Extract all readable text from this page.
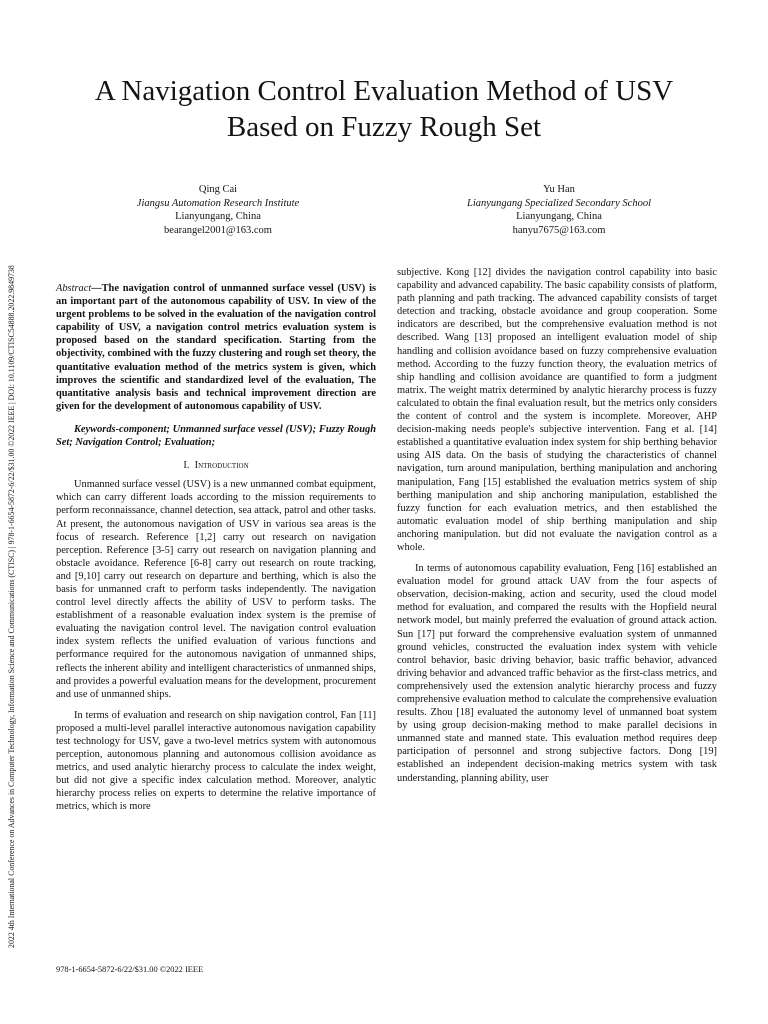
2022 4th International Conference on Advances in Computer Technology, Information Science and Communications (CTISC) | 978-1-6654-5872-6/22/$31.00 ©2022 IEEE | DOI: 10.1109/CTISC54888.2022.9849738
A Navigation Control Evaluation Method of USV
Based on Fuzzy Rough Set
Qing Cai
Jiangsu Automation Research Institute
Lianyungang, China
bearangel2001@163.com
Yu Han
Lianyungang Specialized Secondary School
Lianyungang, China
hanyu7675@163.com

Abstract—The navigation control of unmanned surface vessel (USV) is an important part of the autonomous capability of USV. In view of the urgent problems to be solved in the evaluation of the navigation control capability of USV, a navigation control metrics evaluation system is proposed based on the standard specification. Starting from the objectivity, combined with the fuzzy clustering and rough set theory, the quantitative evaluation method of the metrics system is given, which improves the scientific and standardized level of the evaluation, The quantitative analysis basis and technical improvement direction are given for the development of autonomous capability of USV.

Keywords-component; Unmanned surface vessel (USV); Fuzzy Rough Set; Navigation Control; Evaluation;

I. Introduction

Unmanned surface vessel (USV) is a new unmanned combat equipment, which can carry different loads according to the mission requirements to perform reconnaissance, channel detection, sea attack, patrol and other tasks. At present, the autonomous navigation of USV in various sea areas is the focus of research. Reference [1,2] carry out research on navigation perception. Reference [3-5] carry out research on navigation planning and obstacle avoidance. Reference [6-8] carry out research on route tracking, and [9,10] carry out research on departure and berthing, which is also the basis for unmanned craft to perform tasks independently. The navigation control level directly affects the ability of USV to perform tasks. The establishment of a reasonable evaluation index system is the premise of evaluating the navigation control level. The navigation control evaluation index system reflects the unified evaluation of various functions and performance required for the autonomous navigation of unmanned ships, reflects the inherent ability and intelligent characteristics of unmanned ships, and provides a powerful evaluation means for the development, procurement and use of unmanned ships.

In terms of evaluation and research on ship navigation control, Fan [11] proposed a multi-level parallel interactive autonomous navigation capability test technology for USV, gave a two-level metrics system with autonomous perception, autonomous planning and autonomous collision avoidance as metrics, and used analytic hierarchy process to calculate the index weight, but did not give a specific index calculation method. Moreover, analytic hierarchy process relies on experts to determine the relative importance of metrics, which is more

subjective. Kong [12] divides the navigation control capability into basic capability and advanced capability. The basic capability consists of platform, path planning and path tracking. The advanced capability consists of target detection and tracking, obstacle avoidance and group cooperation. Some indicators are described, but the comprehensive evaluation method is not described. Wang [13] proposed an intelligent evaluation model of ship handling and collision avoidance based on fuzzy comprehensive evaluation method. According to the fuzzy function theory, the evaluation metrics of ship handling and collision avoidance are quantified to form a judgment matrix. The weight matrix determined by analytic hierarchy process is fuzzy calculated to obtain the final evaluation result, but the metrics only considers the content of control and the system is incomplete. Moreover, AHP decision-making needs people's subjective intervention. Fang et al. [14] established a quantitative evaluation index system for ship berthing behavior using AIS data. On the basis of studying the characteristics of channel navigation, turn around manipulation, berthing manipulation and anchoring manipulation, Fang [15] established the evaluation metrics system of ship berthing manipulation and ship anchoring manipulation, established the fuzzy function for each evaluation metrics, and then established the automatic evaluation model of ship berthing manipulation and ship anchoring manipulation. but did not evaluate the navigation control as a whole.

In terms of autonomous capability evaluation, Feng [16] established an evaluation model for ground attack UAV from the four aspects of observation, decision-making, action and security, used the cloud model method for evaluation, and compared the results with the Hopfield neural network model, but mainly preferred the evaluation of ground attack action. Sun [17] put forward the comprehensive evaluation system of unmanned ground vehicles, constructed the evaluation index system with vehicle control behavior, basic driving behavior, basic traffic behavior, advanced driving behavior and advanced traffic behavior as the first-class metrics, and comprehensively used the extension analytic hierarchy process and fuzzy comprehensive evaluation method to calculate the comprehensive evaluation results. Zhou [18] evaluated the autonomy level of unmanned boat system by using group decision-making method to make parallel decisions in unmanned state and manned state. This evaluation method requires deep participation of personnel and strong subjective factors. Dong [19] established an independent decision-making metrics system with task understanding, planning ability, user

978-1-6654-5872-6/22/$31.00 ©2022 IEEE
